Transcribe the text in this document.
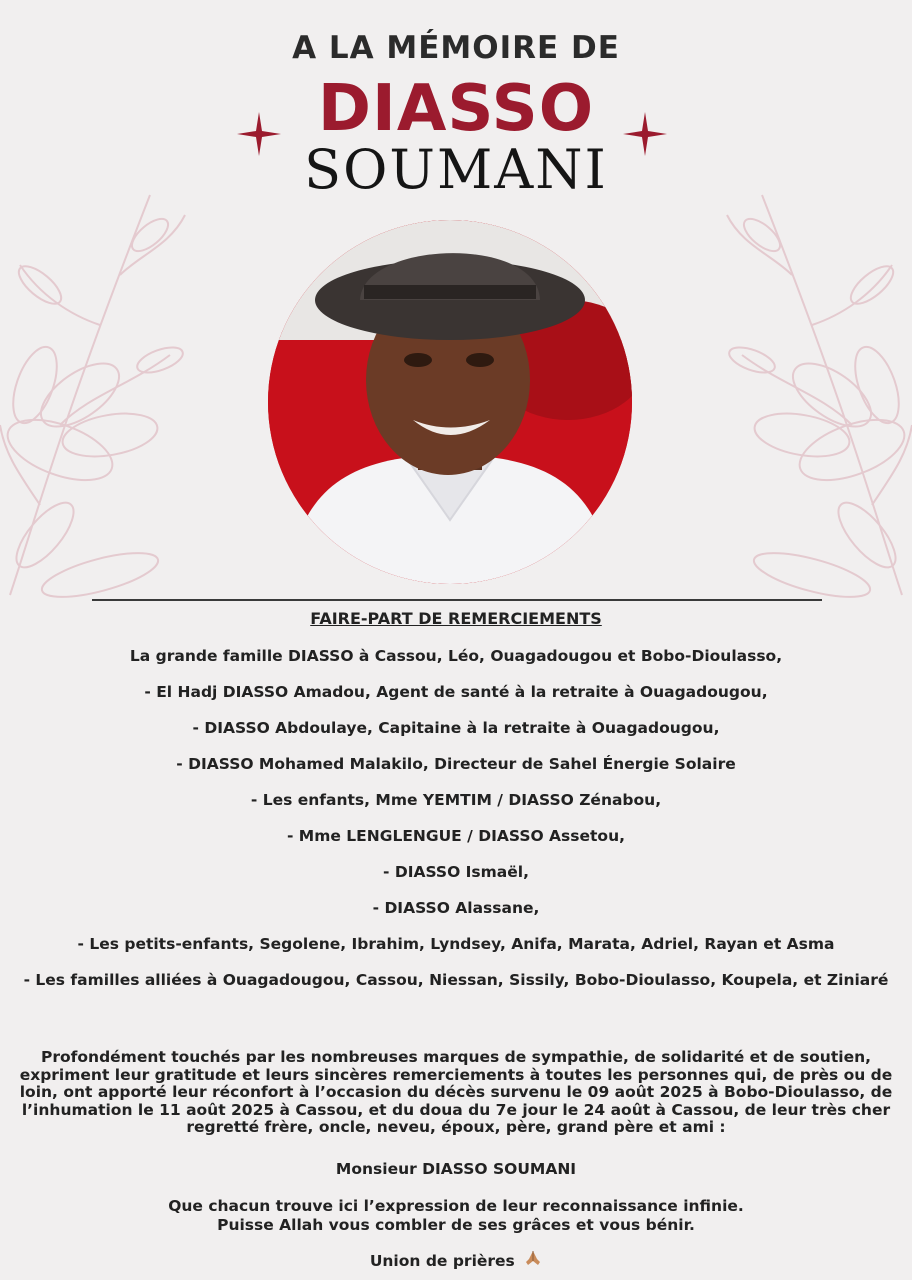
A LA MÉMOIRE DE
DIASSO
SOUMANI
FAIRE-PART DE REMERCIEMENTS
La grande famille DIASSO à Cassou, Léo, Ouagadougou et Bobo-Dioulasso,
- El Hadj DIASSO Amadou, Agent de santé à la retraite à Ouagadougou,
- DIASSO Abdoulaye, Capitaine à la retraite à Ouagadougou,
- DIASSO Mohamed Malakilo, Directeur de Sahel Énergie Solaire
- Les enfants, Mme YEMTIM / DIASSO Zénabou,
- Mme LENGLENGUE / DIASSO Assetou,
- DIASSO Ismaël,
- DIASSO Alassane,
- Les petits-enfants, Segolene, Ibrahim, Lyndsey, Anifa, Marata, Adriel, Rayan et Asma
- Les familles alliées à Ouagadougou, Cassou, Niessan, Sissily, Bobo-Dioulasso, Koupela, et Ziniaré
Profondément touchés par les nombreuses marques de sympathie, de solidarité et de soutien, expriment leur gratitude et leurs sincères remerciements à toutes les personnes qui, de près ou de loin, ont apporté leur réconfort à l’occasion du décès survenu le 09 août 2025 à Bobo-Dioulasso, de l’inhumation le 11 août 2025 à Cassou, et du doua du 7e jour le 24 août à Cassou, de leur très cher regretté frère, oncle, neveu, époux, père, grand père et ami :
Monsieur DIASSO SOUMANI
Que chacun trouve ici l’expression de leur reconnaissance infinie.
Puisse Allah vous combler de ses grâces et vous bénir.
Union de prières
